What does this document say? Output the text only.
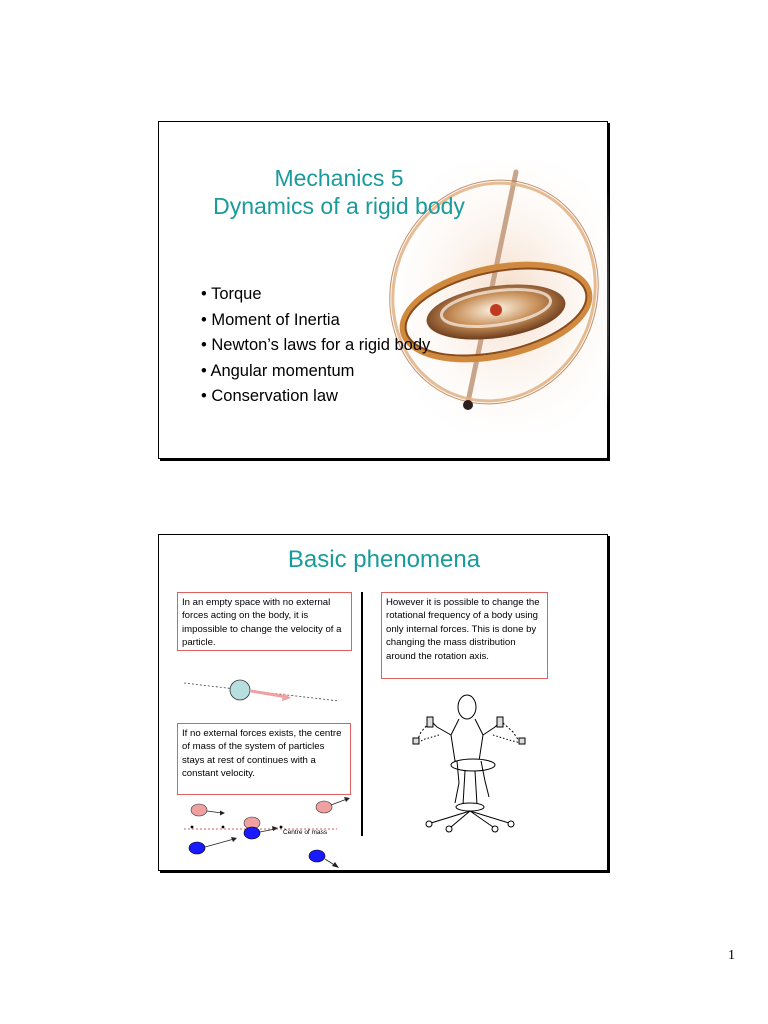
Mechanics 5
Dynamics of a rigid body
• Torque
• Moment of Inertia
• Newton’s laws for a rigid body
• Angular momentum
• Conservation law
Basic phenomena
In an empty space with no external forces acting on the body, it is impossible to change the velocity of a particle.
However it is possible to change the rotational frequency of a body using only internal forces. This is done by changing the mass distribution around the rotation axis.
If no external forces exists, the centre of mass of the system of particles stays at rest of continues with a constant velocity.
Centre of mass
1
